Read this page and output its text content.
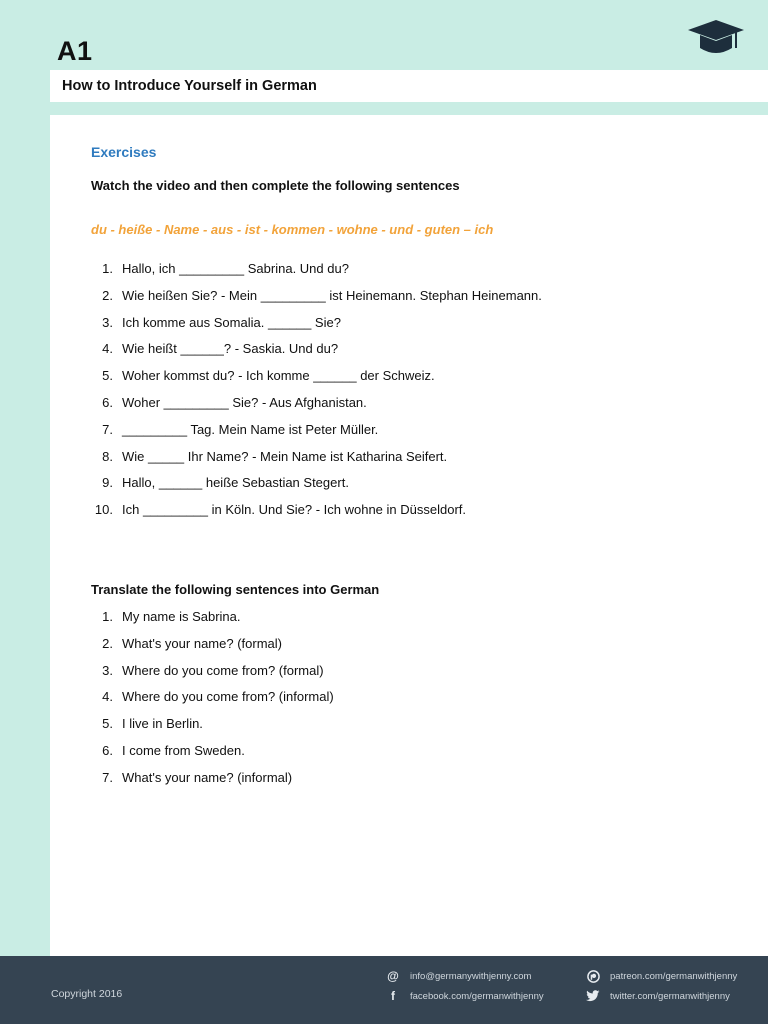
A1
How to Introduce Yourself in German
Exercises
Watch the video and then complete the following sentences
du - heiße - Name - aus - ist - kommen - wohne - und - guten – ich
1. Hallo, ich _________ Sabrina. Und du?
2. Wie heißen Sie? - Mein _________ ist Heinemann. Stephan Heinemann.
3. Ich komme aus Somalia. ______ Sie?
4. Wie heißt ______? - Saskia. Und du?
5. Woher kommst du? - Ich komme ______ der Schweiz.
6. Woher _________ Sie? - Aus Afghanistan.
7. _________ Tag. Mein Name ist Peter Müller.
8. Wie _____ Ihr Name? - Mein Name ist Katharina Seifert.
9. Hallo, ______ heiße Sebastian Stegert.
10. Ich _________ in Köln. Und Sie? - Ich wohne in Düsseldorf.
Translate the following sentences into German
1. My name is Sabrina.
2. What's your name? (formal)
3. Where do you come from? (formal)
4. Where do you come from? (informal)
5. I live in Berlin.
6. I come from Sweden.
7. What's your name? (informal)
Copyright 2016
@ info@germanywithjenny.com
f	facebook.com/germanwithjenny
patreon.com/germanwithjenny
twitter.com/germanwithjenny
